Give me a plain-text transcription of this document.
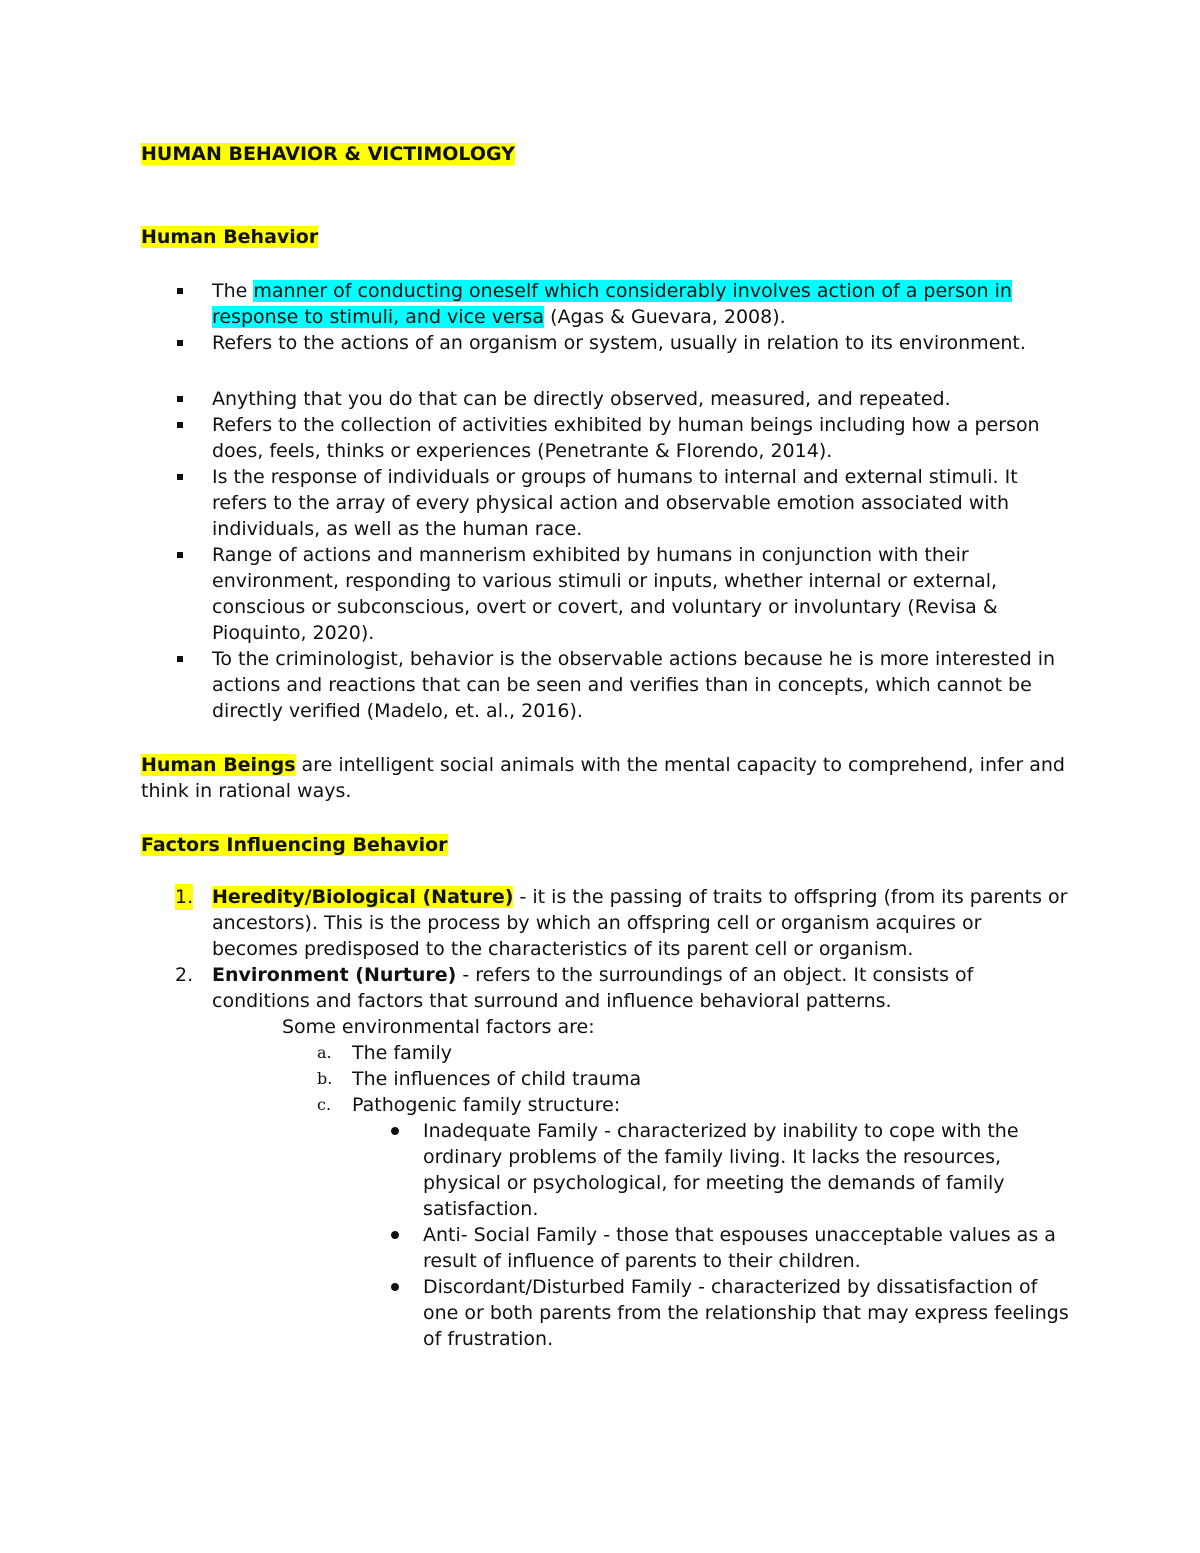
HUMAN BEHAVIOR & VICTIMOLOGY

Human Behavior

The manner of conducting oneself which considerably involves action of a person in response to stimuli, and vice versa (Agas & Guevara, 2008).
Refers to the actions of an organism or system, usually in relation to its environment.
Anything that you do that can be directly observed, measured, and repeated.
Refers to the collection of activities exhibited by human beings including how a person does, feels, thinks or experiences (Penetrante & Florendo, 2014).
Is the response of individuals or groups of humans to internal and external stimuli. It refers to the array of every physical action and observable emotion associated with individuals, as well as the human race.
Range of actions and mannerism exhibited by humans in conjunction with their environment, responding to various stimuli or inputs, whether internal or external, conscious or subconscious, overt or covert, and voluntary or involuntary (Revisa & Pioquinto, 2020).
To the criminologist, behavior is the observable actions because he is more interested in actions and reactions that can be seen and verifies than in concepts, which cannot be directly verified (Madelo, et. al., 2016).

Human Beings are intelligent social animals with the mental capacity to comprehend, infer and think in rational ways.

Factors Influencing Behavior

1. Heredity/Biological (Nature) - it is the passing of traits to offspring (from its parents or ancestors). This is the process by which an offspring cell or organism acquires or becomes predisposed to the characteristics of its parent cell or organism.
2. Environment (Nurture) - refers to the surroundings of an object. It consists of conditions and factors that surround and influence behavioral patterns.
Some environmental factors are:
a. The family
b. The influences of child trauma
c. Pathogenic family structure:
Inadequate Family - characterized by inability to cope with the ordinary problems of the family living. It lacks the resources, physical or psychological, for meeting the demands of family satisfaction.
Anti- Social Family - those that espouses unacceptable values as a result of influence of parents to their children.
Discordant/Disturbed Family - characterized by dissatisfaction of one or both parents from the relationship that may express feelings of frustration.
